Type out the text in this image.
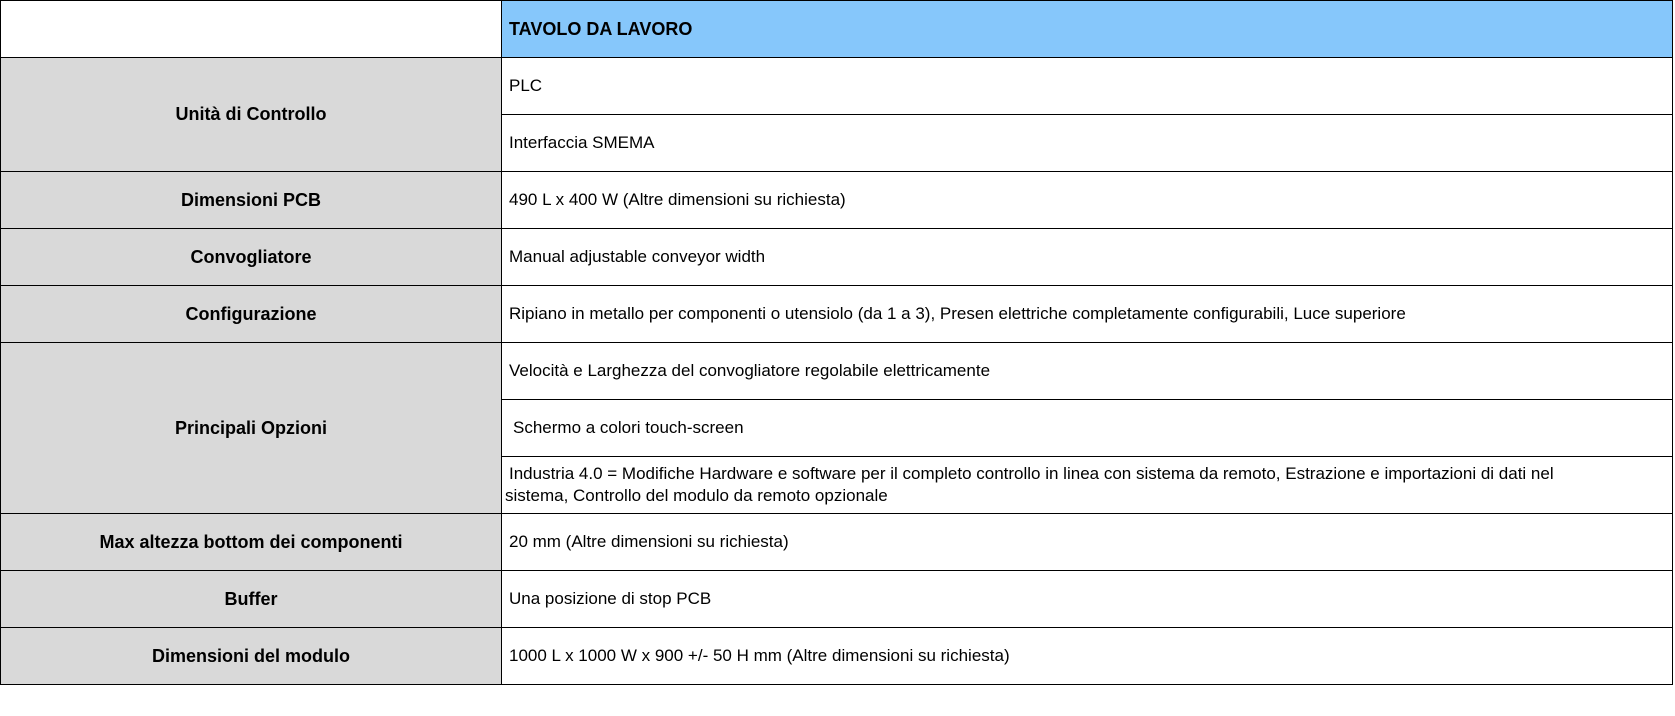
	TAVOLO DA LAVORO
Unità di Controllo	PLC
	Interfaccia SMEMA
Dimensioni PCB	490 L x 400 W (Altre dimensioni su richiesta)
Convogliatore	Manual adjustable conveyor width
Configurazione	Ripiano in metallo per componenti o utensiolo (da 1 a 3), Presen elettriche completamente configurabili, Luce superiore
Principali Opzioni	Velocità e Larghezza del convogliatore regolabile elettricamente
	Schermo a colori touch-screen

	Industria 4.0 = Modifiche Hardware e software per il completo controllo in linea con sistema da remoto, Estrazione e importazioni di dati nel sistema, Controllo del modulo da remoto opzionale

Max altezza bottom dei componenti	20 mm (Altre dimensioni su richiesta)
Buffer	Una posizione di stop PCB
Dimensioni del modulo	1000 L x 1000 W x 900 +/- 50 H mm (Altre dimensioni su richiesta)
